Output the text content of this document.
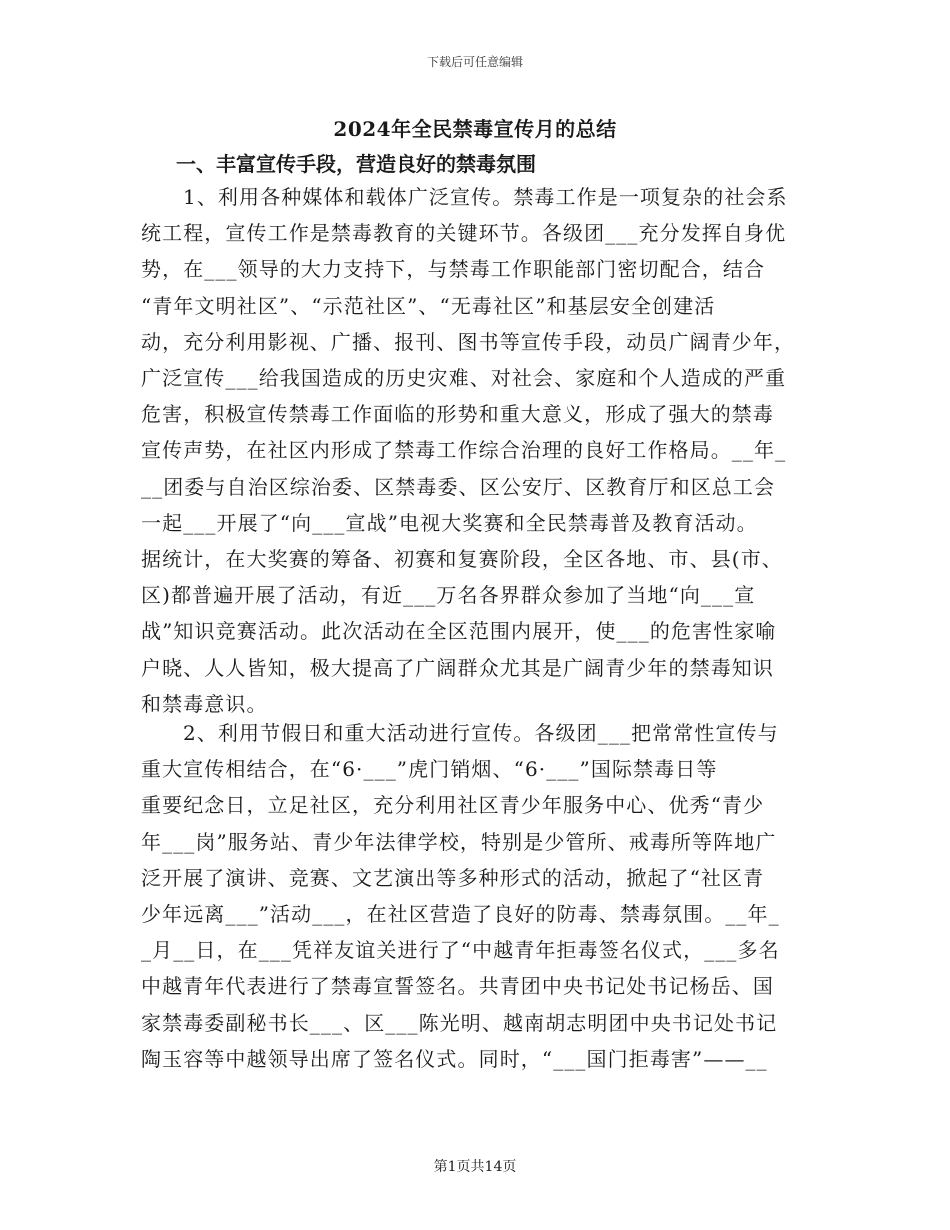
下载后可任意编辑
2024年全民禁毒宣传月的总结
一、丰富宣传手段，营造良好的禁毒氛围
1、利用各种媒体和载体广泛宣传。禁毒工作是一项复杂的社会系
统工程，宣传工作是禁毒教育的关键环节。各级团___充分发挥自身优
势，在___领导的大力支持下，与禁毒工作职能部门密切配合，结合
“青年文明社区”、“示范社区”、“无毒社区”和基层安全创建活
动，充分利用影视、广播、报刊、图书等宣传手段，动员广阔青少年，
广泛宣传___给我国造成的历史灾难、对社会、家庭和个人造成的严重
危害，积极宣传禁毒工作面临的形势和重大意义，形成了强大的禁毒
宣传声势，在社区内形成了禁毒工作综合治理的良好工作格局。__年_
__团委与自治区综治委、区禁毒委、区公安厅、区教育厅和区总工会
一起___开展了“向___宣战”电视大奖赛和全民禁毒普及教育活动。
据统计，在大奖赛的筹备、初赛和复赛阶段，全区各地、市、县(市、
区)都普遍开展了活动，有近___万名各界群众参加了当地“向___宣
战”知识竞赛活动。此次活动在全区范围内展开，使___的危害性家喻
户晓、人人皆知，极大提高了广阔群众尤其是广阔青少年的禁毒知识
和禁毒意识。
2、利用节假日和重大活动进行宣传。各级团___把常常性宣传与
重大宣传相结合，在“6·___”虎门销烟、“6·___”国际禁毒日等
重要纪念日，立足社区，充分利用社区青少年服务中心、优秀“青少
年___岗”服务站、青少年法律学校，特别是少管所、戒毒所等阵地广
泛开展了演讲、竞赛、文艺演出等多种形式的活动，掀起了“社区青
少年远离___”活动___，在社区营造了良好的防毒、禁毒氛围。__年_
_月__日，在___凭祥友谊关进行了“中越青年拒毒签名仪式，___多名
中越青年代表进行了禁毒宣誓签名。共青团中央书记处书记杨岳、国
家禁毒委副秘书长___、区___陈光明、越南胡志明团中央书记处书记
陶玉容等中越领导出席了签名仪式。同时，“___国门拒毒害”——__
第1页共14页
